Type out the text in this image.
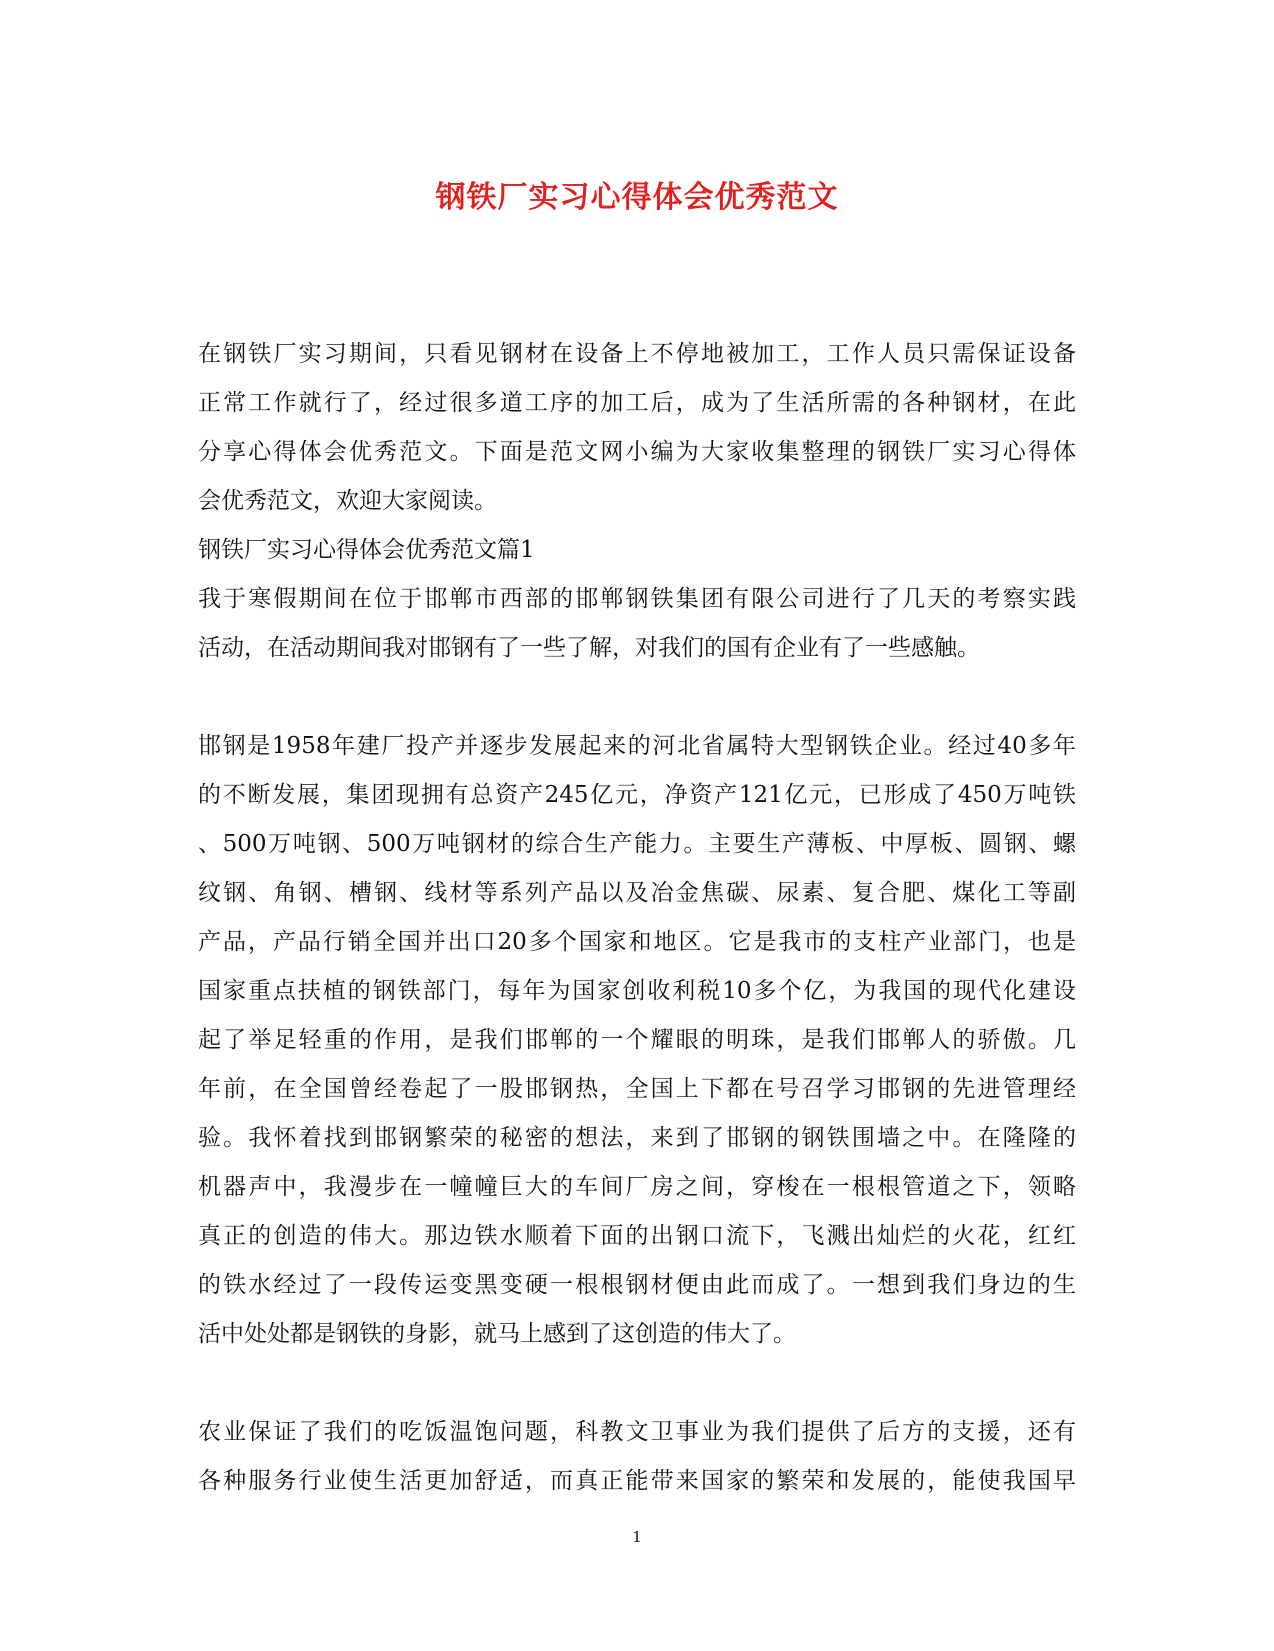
钢铁厂实习心得体会优秀范文
在钢铁厂实习期间，只看见钢材在设备上不停地被加工，工作人员只需保证设备
正常工作就行了，经过很多道工序的加工后，成为了生活所需的各种钢材，在此
分享心得体会优秀范文。下面是范文网小编为大家收集整理的钢铁厂实习心得体
会优秀范文，欢迎大家阅读。
钢铁厂实习心得体会优秀范文篇1
我于寒假期间在位于邯郸市西部的邯郸钢铁集团有限公司进行了几天的考察实践
活动，在活动期间我对邯钢有了一些了解，对我们的国有企业有了一些感触。
邯钢是1958年建厂投产并逐步发展起来的河北省属特大型钢铁企业。经过40多年
的不断发展，集团现拥有总资产245亿元，净资产121亿元，已形成了450万吨铁
、500万吨钢、500万吨钢材的综合生产能力。主要生产薄板、中厚板、圆钢、螺
纹钢、角钢、槽钢、线材等系列产品以及冶金焦碳、尿素、复合肥、煤化工等副
产品，产品行销全国并出口20多个国家和地区。它是我市的支柱产业部门，也是
国家重点扶植的钢铁部门，每年为国家创收利税10多个亿，为我国的现代化建设
起了举足轻重的作用，是我们邯郸的一个耀眼的明珠，是我们邯郸人的骄傲。几
年前，在全国曾经卷起了一股邯钢热，全国上下都在号召学习邯钢的先进管理经
验。我怀着找到邯钢繁荣的秘密的想法，来到了邯钢的钢铁围墙之中。在隆隆的
机器声中，我漫步在一幢幢巨大的车间厂房之间，穿梭在一根根管道之下，领略
真正的创造的伟大。那边铁水顺着下面的出钢口流下，飞溅出灿烂的火花，红红
的铁水经过了一段传运变黑变硬一根根钢材便由此而成了。一想到我们身边的生
活中处处都是钢铁的身影，就马上感到了这创造的伟大了。
农业保证了我们的吃饭温饱问题，科教文卫事业为我们提供了后方的支援，还有
各种服务行业使生活更加舒适，而真正能带来国家的繁荣和发展的，能使我国早
1
